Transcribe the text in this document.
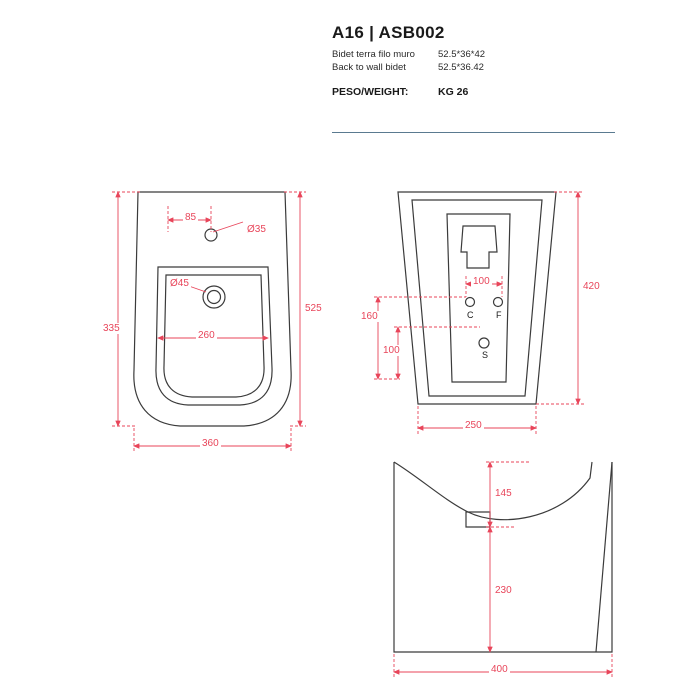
A16 | ASB002
Bidet terra filo muro	52.5*36*42
Back to wall bidet	52.5*36.42
PESO/WEIGHT:	KG 26
85
Ø35
Ø45
260
335
525
360
100
160
100
420
250
C	F
S
145
230
400
